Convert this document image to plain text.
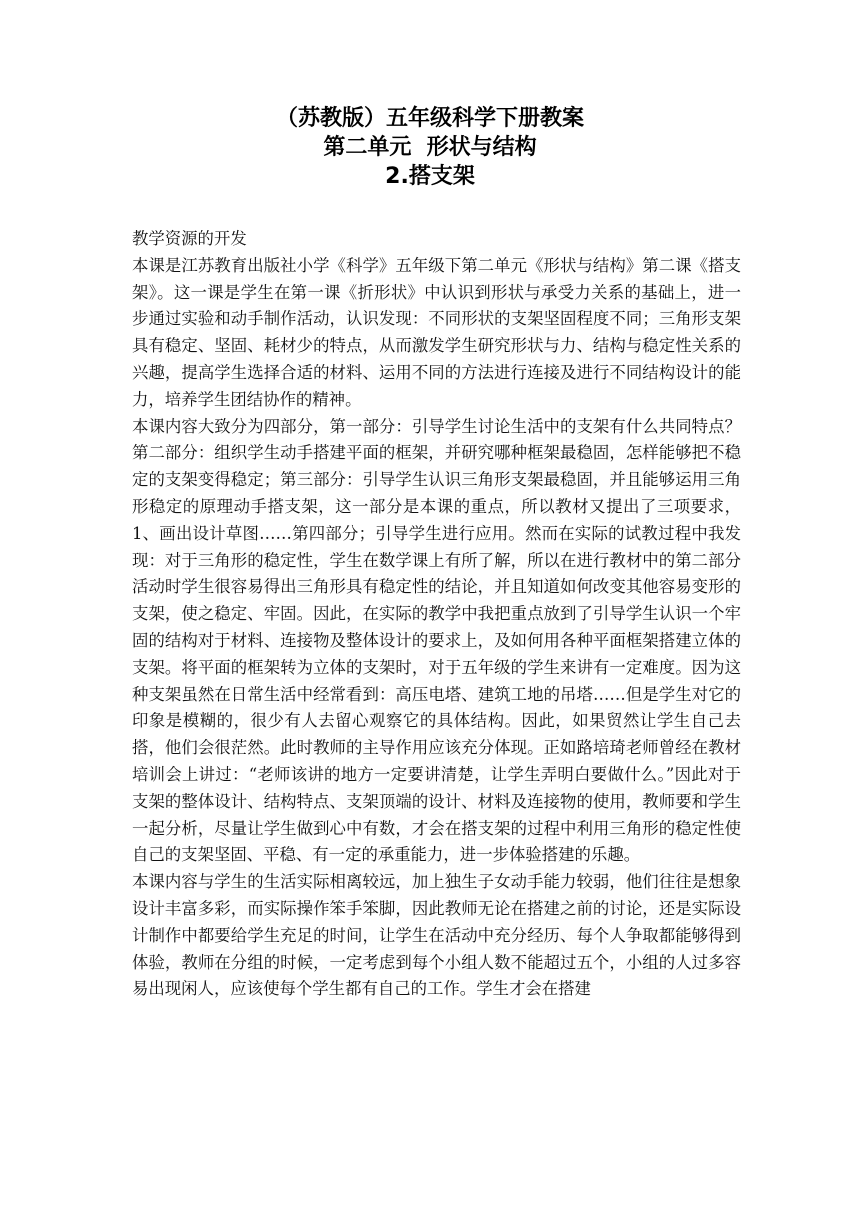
（苏教版）五年级科学下册教案
第二单元  形状与结构
2.搭支架

教学资源的开发

本课是江苏教育出版社小学《科学》五年级下第二单元《形状与结构》第二课《搭支架》。这一课是学生在第一课《折形状》中认识到形状与承受力关系的基础上，进一步通过实验和动手制作活动，认识发现：不同形状的支架坚固程度不同；三角形支架具有稳定、坚固、耗材少的特点，从而激发学生研究形状与力、结构与稳定性关系的兴趣，提高学生选择合适的材料、运用不同的方法进行连接及进行不同结构设计的能力，培养学生团结协作的精神。

本课内容大致分为四部分，第一部分：引导学生讨论生活中的支架有什么共同特点？第二部分：组织学生动手搭建平面的框架，并研究哪种框架最稳固，怎样能够把不稳定的支架变得稳定；第三部分：引导学生认识三角形支架最稳固，并且能够运用三角形稳定的原理动手搭支架，这一部分是本课的重点，所以教材又提出了三项要求，1、画出设计草图……第四部分；引导学生进行应用。然而在实际的试教过程中我发现：对于三角形的稳定性，学生在数学课上有所了解，所以在进行教材中的第二部分活动时学生很容易得出三角形具有稳定性的结论，并且知道如何改变其他容易变形的支架，使之稳定、牢固。因此，在实际的教学中我把重点放到了引导学生认识一个牢固的结构对于材料、连接物及整体设计的要求上，及如何用各种平面框架搭建立体的支架。将平面的框架转为立体的支架时，对于五年级的学生来讲有一定难度。因为这种支架虽然在日常生活中经常看到：高压电塔、建筑工地的吊塔……但是学生对它的印象是模糊的，很少有人去留心观察它的具体结构。因此，如果贸然让学生自己去搭，他们会很茫然。此时教师的主导作用应该充分体现。正如路培琦老师曾经在教材培训会上讲过：“老师该讲的地方一定要讲清楚，让学生弄明白要做什么。”因此对于支架的整体设计、结构特点、支架顶端的设计、材料及连接物的使用，教师要和学生一起分析，尽量让学生做到心中有数，才会在搭支架的过程中利用三角形的稳定性使自己的支架坚固、平稳、有一定的承重能力，进一步体验搭建的乐趣。

本课内容与学生的生活实际相离较远，加上独生子女动手能力较弱，他们往往是想象设计丰富多彩，而实际操作笨手笨脚，因此教师无论在搭建之前的讨论，还是实际设计制作中都要给学生充足的时间，让学生在活动中充分经历、每个人争取都能够得到体验，教师在分组的时候，一定考虑到每个小组人数不能超过五个，小组的人过多容易出现闲人，应该使每个学生都有自己的工作。学生才会在搭建
